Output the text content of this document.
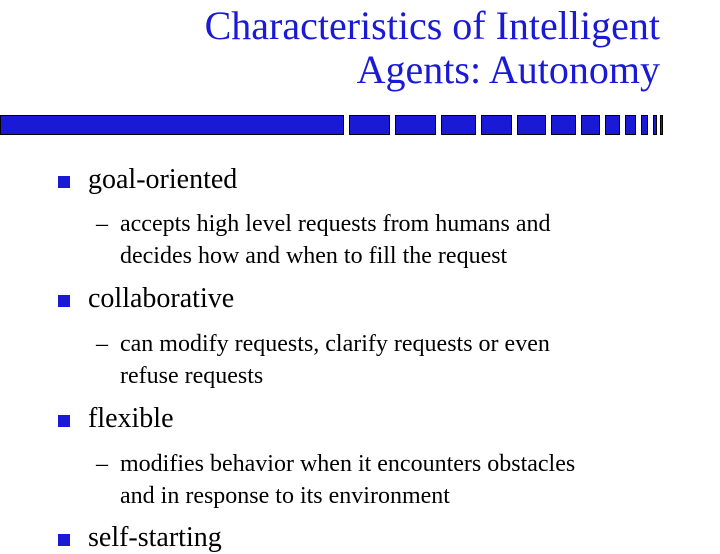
Characteristics of Intelligent
Agents: Autonomy
goal-oriented
– accepts high level requests from humans and
decides how and when to fill the request
collaborative
– can modify requests, clarify requests or even
refuse requests
flexible
– modifies behavior when it encounters obstacles
and in response to its environment
self-starting
